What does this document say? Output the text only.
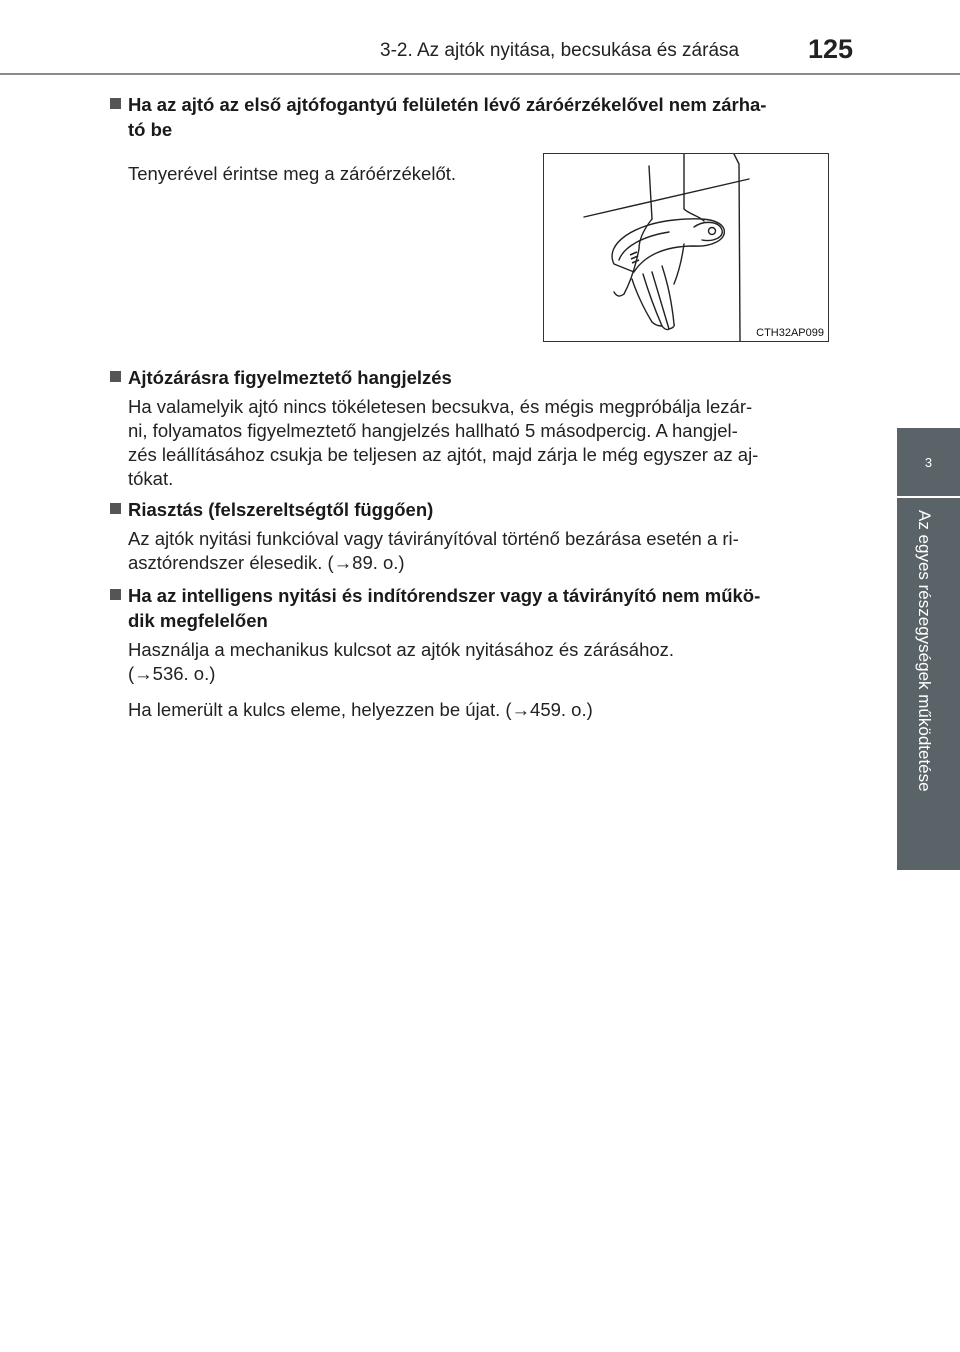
3-2. Az ajtók nyitása, becsukása és zárása	125
3
Az egyes részegységek működtetése
Ha az ajtó az első ajtófogantyú felületén lévő záróérzékelővel nem zárha-
tó be
Tenyerével érintse meg a záróérzékelőt.
CTH32AP099
Ajtózárásra figyelmeztető hangjelzés
Ha valamelyik ajtó nincs tökéletesen becsukva, és mégis megpróbálja lezár-
ni, folyamatos figyelmeztető hangjelzés hallható 5 másodpercig. A hangjel-
zés leállításához csukja be teljesen az ajtót, majd zárja le még egyszer az aj-
tókat.
Riasztás (felszereltségtől függően)
Az ajtók nyitási funkcióval vagy távirányítóval történő bezárása esetén a ri-
asztórendszer élesedik. (→89. o.)
Ha az intelligens nyitási és indítórendszer vagy a távirányító nem műkö-
dik megfelelően
Használja a mechanikus kulcsot az ajtók nyitásához és zárásához.
(→536. o.)
Ha lemerült a kulcs eleme, helyezzen be újat. (→459. o.)
